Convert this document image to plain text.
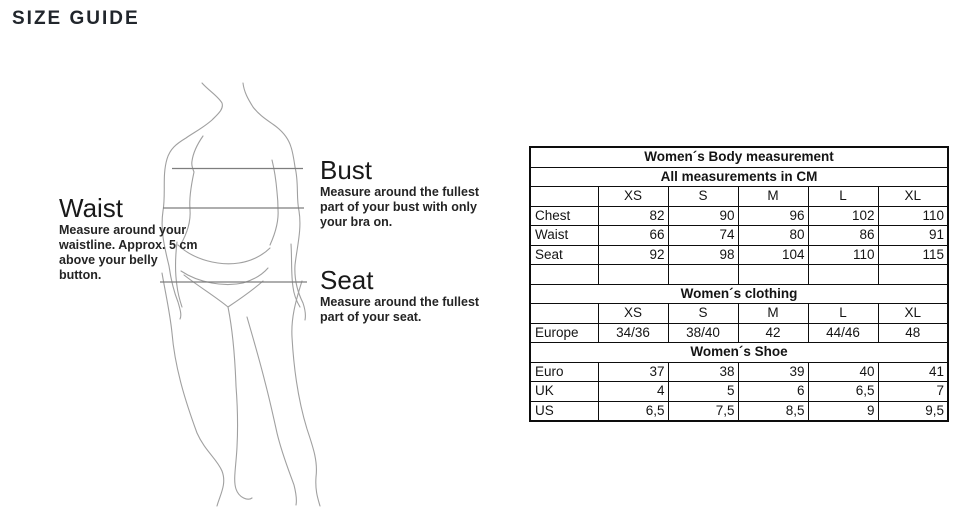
SIZE GUIDE
Bust
Measure around the fullest part of your bust with only your bra on.
Waist
Measure around your waistline. Approx. 5 cm above your belly button.	Seat
Measure around the fullest part of your seat.
Women´s Body measurement					
All measurements in CM					
	XS	S	M	L	XL
Chest	82	90	96	102	110
Waist	66	74	80	86	91
Seat	92	98	104	110	115

Women´s clothing					
	XS	S	M	L	XL
Europe	34/36	38/40	42	44/46	48
Women´s Shoe					
Euro	37	38	39	40	41
UK	4	5	6	6,5	7
US	6,5	7,5	8,5	9	9,5
